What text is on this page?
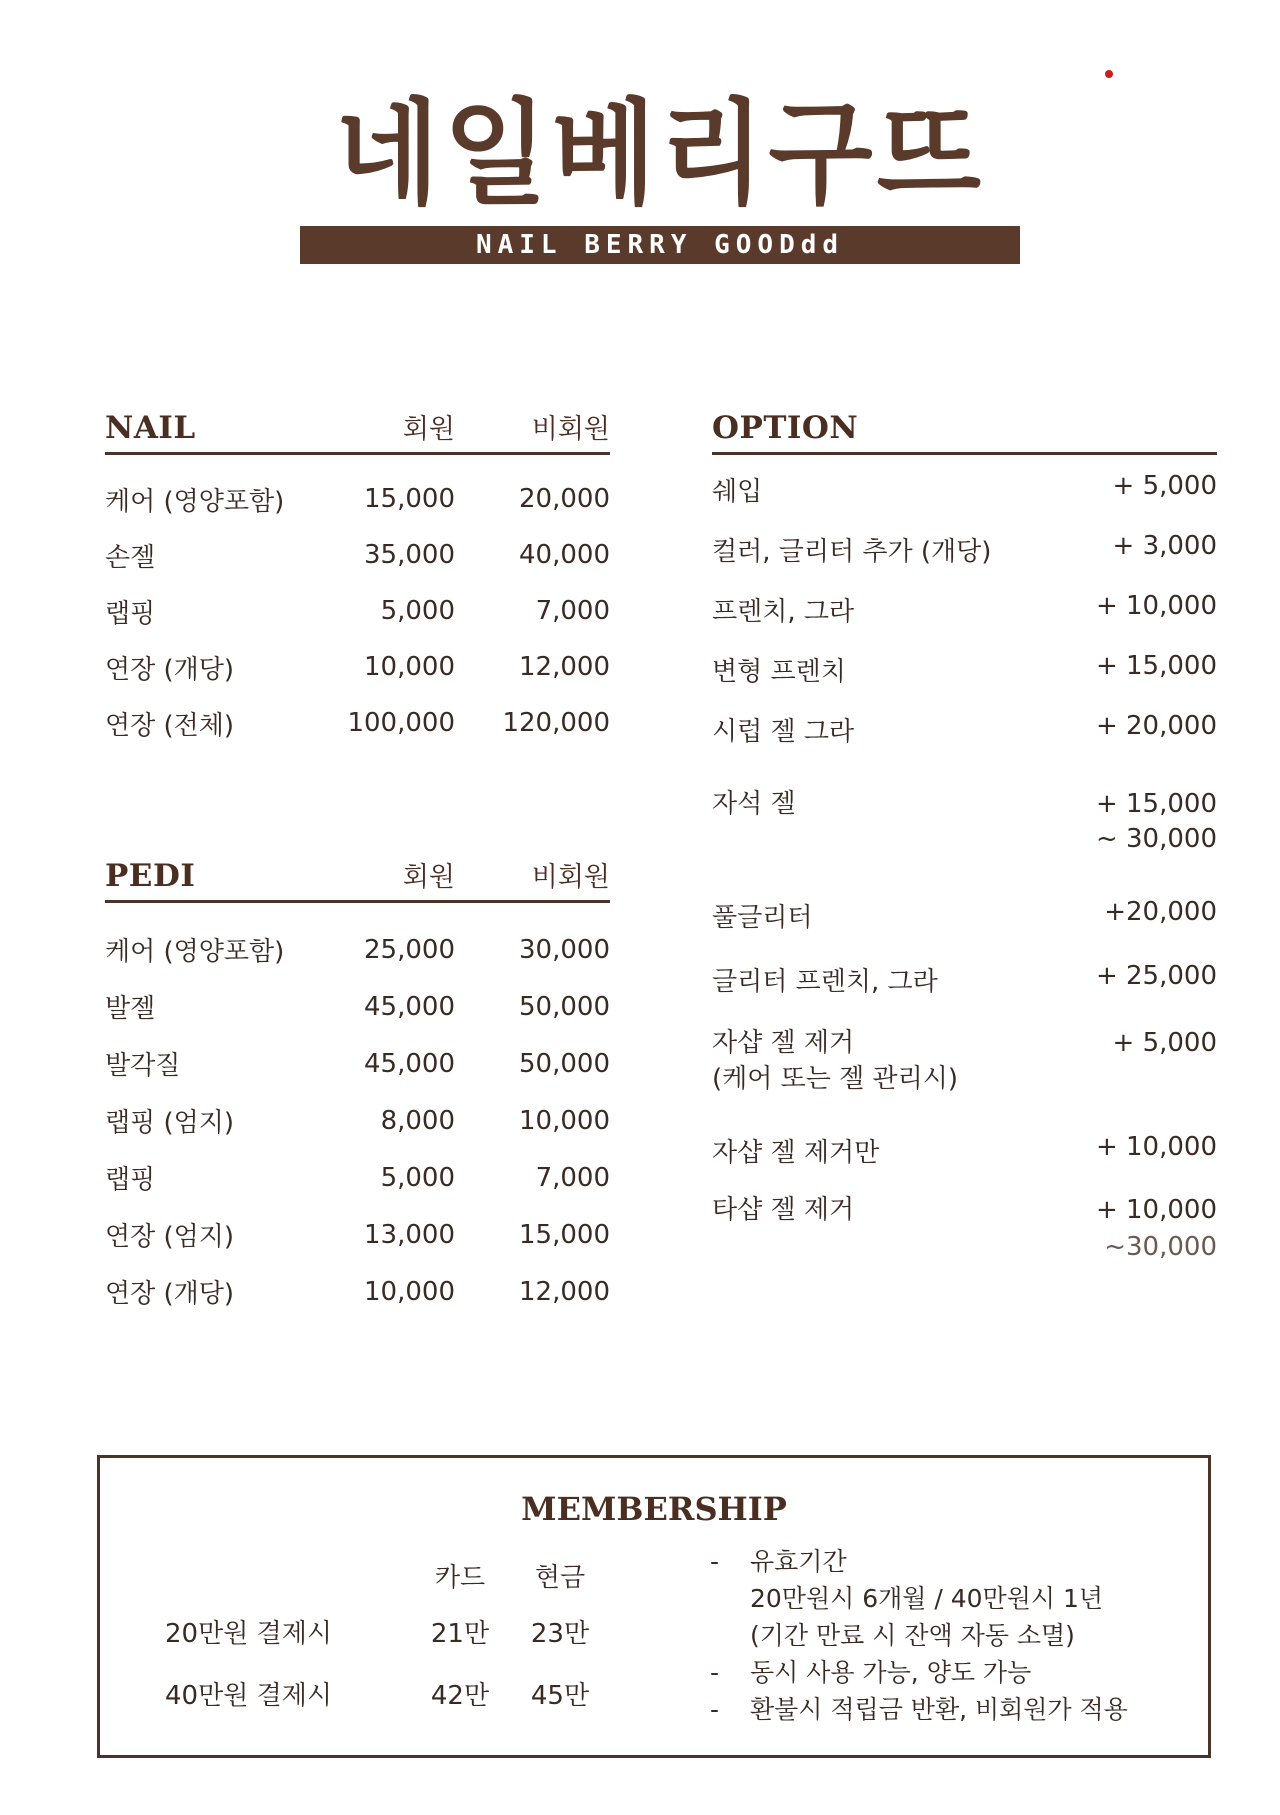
네일베리구뜨
NAIL BERRY GOODdd
NAIL	회원	비회원
케어 (영양포함)	15,000	20,000
손젤	35,000	40,000
랩핑	5,000	7,000
연장 (개당)	10,000	12,000
연장 (전체)	100,000	120,000
PEDI	회원	비회원
케어 (영양포함)	25,000	30,000
발젤	45,000	50,000
발각질	45,000	50,000
랩핑 (엄지)	8,000	10,000
랩핑	5,000	7,000
연장 (엄지)	13,000	15,000
연장 (개당)	10,000	12,000
OPTION
쉐입	+ 5,000
컬러, 글리터 추가 (개당)	+ 3,000
프렌치, 그라	+ 10,000
변형 프렌치	+ 15,000
시럽 젤 그라	+ 20,000
자석 젤	+ 15,000
~ 30,000
풀글리터	+20,000
글리터 프렌치, 그라	+ 25,000
자샵 젤 제거
(케어 또는 젤 관리시)
+ 5,000
자샵 젤 제거만	+ 10,000
타샵 젤 제거	+ 10,000
~30,000
MEMBERSHIP
카드	현금
20만원 결제시	21만	23만
40만원 결제시	42만	45만
-	유효기간
20만원시 6개월 / 40만원시 1년
(기간 만료 시 잔액 자동 소멸)
-	동시 사용 가능, 양도 가능
-	환불시 적립금 반환, 비회원가 적용
